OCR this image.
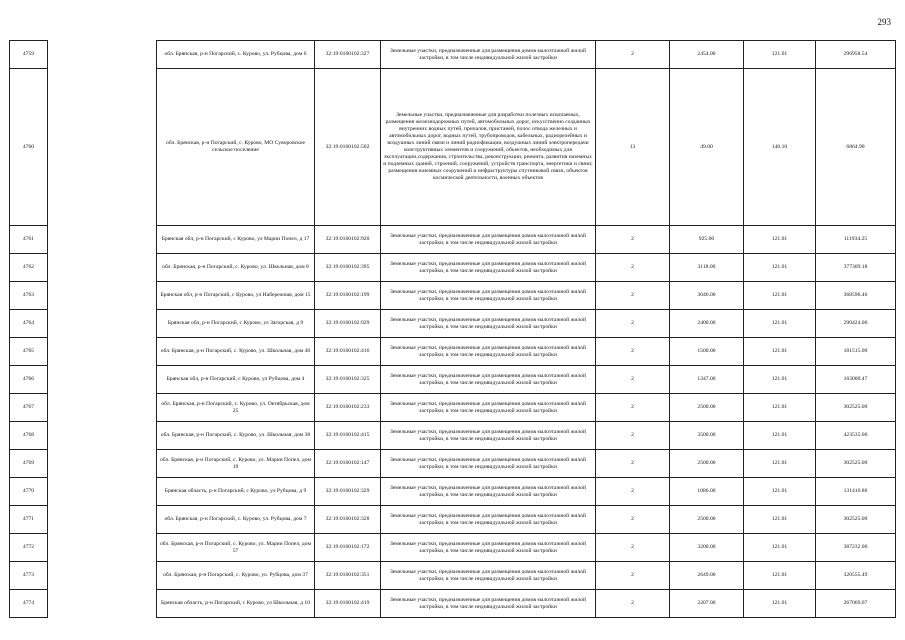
293
4759		обл. Брянская, р-н Погарский, с. Курово, ул. Рубцова, дом 6	32:19:0160102:327	Земельные участки, предназначенные для размещения домов малоэтажной жилой застройки, в том числе индивидуальной жилой застройки	2	2454.00	121.01	296958.54
4760		обл. Брянская, р-н Погарский, с. Курово, МО Суворовское сельское поселение	32:19:0160102:502	Земельные участки, предназначенные для разработки полезных ископаемых, размещения железнодорожных путей, автомобильных дорог, искусственно созданных внутренних водных путей, причалов, пристаней, полос отвода железных и автомобильных дорог, водных путей, трубопроводов, кабельных, радиорелейных и воздушных линий связи и линий радиофикации, воздушных линий электропередачи конструктивных элементов и сооружений, объектов, необходимых для эксплуатации,содержания, строительства, реконструкции, ремонта, развития наземных и подземных зданий, строений, сооружений, устройств транспорта, энергетики и связи; размещения наземных сооружений и инфраструктуры спутниковой связи, объектов космической деятельности, военных объектов	13	49.00	140.10	6864.90
4761		Брянская обл, р-н Погарский, с Курово, ул Марии Попел, д 17	32:19:0160102:920	Земельные участки, предназначенные для размещения домов малоэтажной жилой застройки, в том числе индивидуальной жилой застройки	2	925.00	121.01	111934.25
4762		обл. Брянская, р-н Погарский, с. Курово, ул. Школьная, дом 8	32:19:0160102:395	Земельные участки, предназначенные для размещения домов малоэтажной жилой застройки, в том числе индивидуальной жилой застройки	2	3118.00	121.01	377309.18
4763		Брянская обл, р-н Погарский, с Курово, ул Набережная, дом 15	32:19:0160102:199	Земельные участки, предназначенные для размещения домов малоэтажной жилой застройки, в том числе индивидуальной жилой застройки	2	3046.00	121.01	368596.46
4764		Брянская обл, р-н Погарский, с Курово, ул Загорская, д 9	32:19:0160102:929	Земельные участки, предназначенные для размещения домов малоэтажной жилой застройки, в том числе индивидуальной жилой застройки	2	2400.00	121.01	290424.00
4765		обл. Брянская, р-н Погарский, с. Курово, ул. Школьная, дом 40	32:19:0160102:416	Земельные участки, предназначенные для размещения домов малоэтажной жилой застройки, в том числе индивидуальной жилой застройки	2	1500.00	121.01	181515.00
4766		Брянская обл, р-н Погарский, с Курово, ул Рубцова, дом 4	32:19:0160102:325	Земельные участки, предназначенные для размещения домов малоэтажной жилой застройки, в том числе индивидуальной жилой застройки	2	1347.00	121.01	163000.47
4767		обл. Брянская, р-н Погарский, с. Курово, ул. Октябрьская, дом 25	32:19:0160102:233	Земельные участки, предназначенные для размещения домов малоэтажной жилой застройки, в том числе индивидуальной жилой застройки	2	2500.00	121.01	302525.00
4768		обл. Брянская, р-н Погарский, с. Курово, ул. Школьная, дом 38	32:19:0160102:415	Земельные участки, предназначенные для размещения домов малоэтажной жилой застройки, в том числе индивидуальной жилой застройки	2	3500.00	121.01	423535.00
4769		обл. Брянская, р-н Погарский, с. Курово, ул. Марии Попел, дом 19	32:19:0160102:147	Земельные участки, предназначенные для размещения домов малоэтажной жилой застройки, в том числе индивидуальной жилой застройки	2	2500.00	121.01	302525.00
4770		Брянская область, р-н Погарский, с Курово, ул Рубцова, д 9	32:19:0160102:329	Земельные участки, предназначенные для размещения домов малоэтажной жилой застройки, в том числе индивидуальной жилой застройки	2	1086.00	121.01	131416.86
4771		обл. Брянская, р-н Погарский, с. Курово, ул. Рубцова, дом 7	32:19:0160102:328	Земельные участки, предназначенные для размещения домов малоэтажной жилой застройки, в том числе индивидуальной жилой застройки	2	2500.00	121.01	302525.00
4772		обл. Брянская, р-н Погарский, с. Курово, ул. Марии Попел, дом 57	32:19:0160102:172	Земельные участки, предназначенные для размещения домов малоэтажной жилой застройки, в том числе индивидуальной жилой застройки	2	3200.00	121.01	387232.00
4773		обл. Брянская, р-н Погарский, с. Курово, ул. Рубцова, дом 37	32:19:0160102:351	Земельные участки, предназначенные для размещения домов малоэтажной жилой застройки, в том числе индивидуальной жилой застройки	2	2649.00	121.01	320555.49
4774		Брянская область, р-н Погарский, с Курово, ул Школьная, д 10	32:19:0160102:419	Земельные участки, предназначенные для размещения домов малоэтажной жилой застройки, в том числе индивидуальной жилой застройки	2	2207.00	121.01	267069.07
